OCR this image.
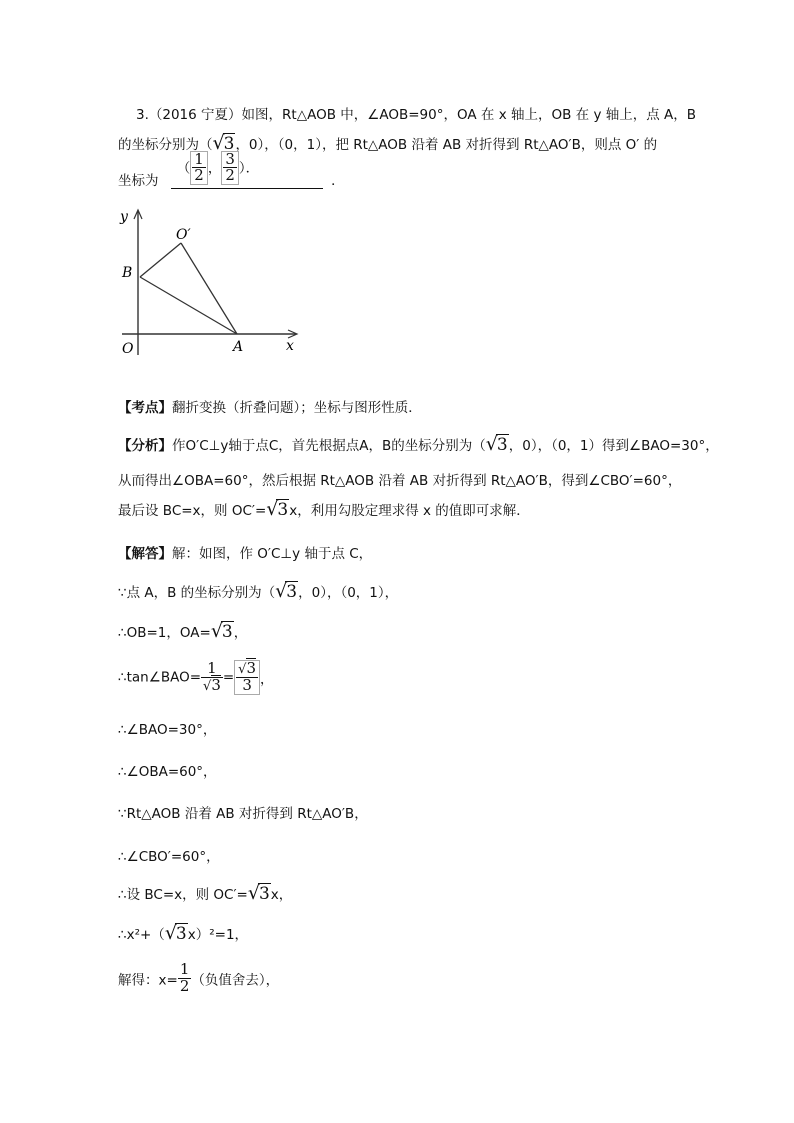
3.（2016 宁夏）如图，Rt△AOB 中，∠AOB=90°，OA 在 x 轴上，OB 在 y 轴上，点 A，B
的坐标分别为（√3，0），（0，1），把 Rt△AOB 沿着 AB 对折得到 Rt△AO′B，则点 O′ 的
坐标为
（ $\frac{1}{2}$ ， $\frac{3}{2}$ ）．
．
y
x
O	A
B
O′
【考点】翻折变换（折叠问题）；坐标与图形性质．
【分析】作O′C⊥y轴于点C，首先根据点A，B的坐标分别为（√3，0），（0，1）得到∠BAO=30°，
从而得出∠OBA=60°，然后根据 Rt△AOB 沿着 AB 对折得到 Rt△AO′B，得到∠CBO′=60°，
最后设 BC=x，则 OC′=√3x，利用勾股定理求得 x 的值即可求解．
【解答】解：如图，作 O′C⊥y 轴于点 C，
∵点 A，B 的坐标分别为（√3，0），（0，1），
∴OB=1，OA=√3，
∴tan∠BAO= $\frac{1}{√3} = \frac{√3}{3}$ ，
∴∠BAO=30°，
∴∠OBA=60°，
∵Rt△AOB 沿着 AB 对折得到 Rt△AO′B，
∴∠CBO′=60°，
∴设 BC=x，则 OC′=√3x，
∴x²+（√3x）²=1，
解得：$x= \frac{1}{2}$ （负值舍去），
